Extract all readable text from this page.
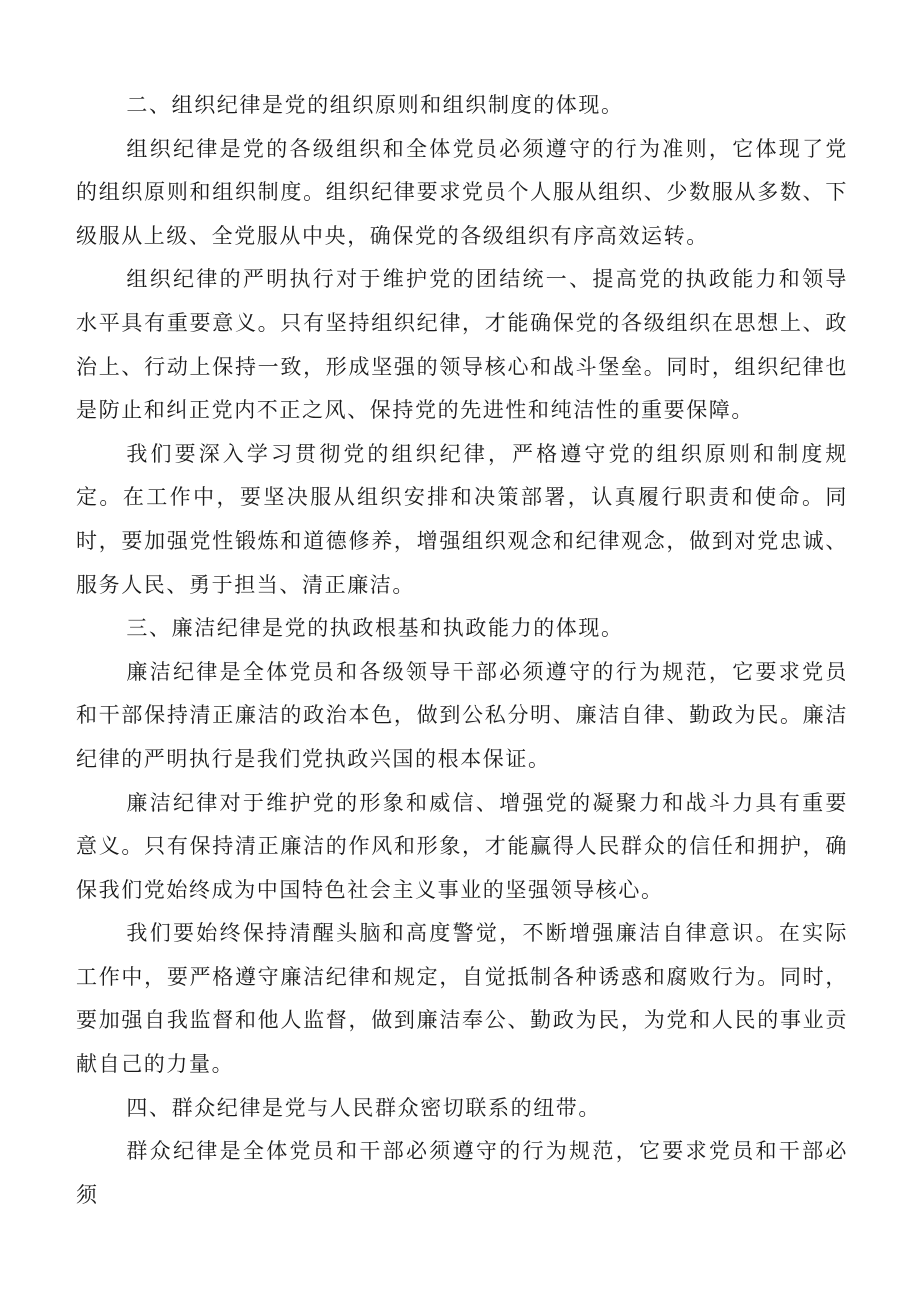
二、组织纪律是党的组织原则和组织制度的体现。

组织纪律是党的各级组织和全体党员必须遵守的行为准则，它体现了党的组织原则和组织制度。组织纪律要求党员个人服从组织、少数服从多数、下级服从上级、全党服从中央，确保党的各级组织有序高效运转。

组织纪律的严明执行对于维护党的团结统一、提高党的执政能力和领导水平具有重要意义。只有坚持组织纪律，才能确保党的各级组织在思想上、政治上、行动上保持一致，形成坚强的领导核心和战斗堡垒。同时，组织纪律也是防止和纠正党内不正之风、保持党的先进性和纯洁性的重要保障。

我们要深入学习贯彻党的组织纪律，严格遵守党的组织原则和制度规定。在工作中，要坚决服从组织安排和决策部署，认真履行职责和使命。同时，要加强党性锻炼和道德修养，增强组织观念和纪律观念，做到对党忠诚、服务人民、勇于担当、清正廉洁。

三、廉洁纪律是党的执政根基和执政能力的体现。

廉洁纪律是全体党员和各级领导干部必须遵守的行为规范，它要求党员和干部保持清正廉洁的政治本色，做到公私分明、廉洁自律、勤政为民。廉洁纪律的严明执行是我们党执政兴国的根本保证。

廉洁纪律对于维护党的形象和威信、增强党的凝聚力和战斗力具有重要意义。只有保持清正廉洁的作风和形象，才能赢得人民群众的信任和拥护，确保我们党始终成为中国特色社会主义事业的坚强领导核心。

我们要始终保持清醒头脑和高度警觉，不断增强廉洁自律意识。在实际工作中，要严格遵守廉洁纪律和规定，自觉抵制各种诱惑和腐败行为。同时，要加强自我监督和他人监督，做到廉洁奉公、勤政为民，为党和人民的事业贡献自己的力量。

四、群众纪律是党与人民群众密切联系的纽带。

群众纪律是全体党员和干部必须遵守的行为规范，它要求党员和干部必须
